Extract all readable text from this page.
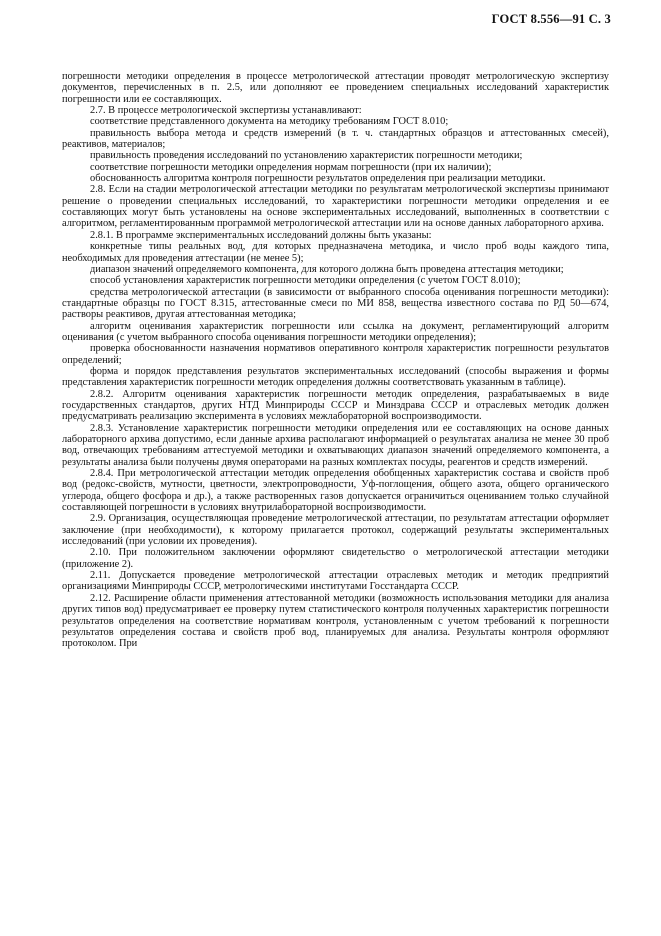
ГОСТ 8.556—91 С. 3

погрешности методики определения в процессе метрологической аттестации проводят метрологическую экспертизу документов, перечисленных в п. 2.5, или дополняют ее проведением специальных исследований характеристик погрешности или ее составляющих.

2.7. В процессе метрологической экспертизы устанавливают:

соответствие представленного документа на методику требованиям ГОСТ 8.010;

правильность выбора метода и средств измерений (в т. ч. стандартных образцов и аттестованных смесей), реактивов, материалов;

правильность проведения исследований по установлению характеристик погрешности методики;

соответствие погрешности методики определения нормам погрешности (при их наличии);

обоснованность алгоритма контроля погрешности результатов определения при реализации методики.

2.8. Если на стадии метрологической аттестации методики по результатам метрологической экспертизы принимают решение о проведении специальных исследований, то характеристики погрешности методики определения и ее составляющих могут быть установлены на основе экспериментальных исследований, выполненных в соответствии с алгоритмом, регламентированным программой метрологической аттестации или на основе данных лабораторного архива.

2.8.1. В программе экспериментальных исследований должны быть указаны:

конкретные типы реальных вод, для которых предназначена методика, и число проб воды каждого типа, необходимых для проведения аттестации (не менее 5);

диапазон значений определяемого компонента, для которого должна быть проведена аттестация методики;

способ установления характеристик погрешности методики определения (с учетом ГОСТ 8.010);

средства метрологической аттестации (в зависимости от выбранного способа оценивания погрешности методики): стандартные образцы по ГОСТ 8.315, аттестованные смеси по МИ 858, вещества известного состава по РД 50—674, растворы реактивов, другая аттестованная методика;

алгоритм оценивания характеристик погрешности или ссылка на документ, регламентирующий алгоритм оценивания (с учетом выбранного способа оценивания погрешности методики определения);

проверка обоснованности назначения нормативов оперативного контроля характеристик погрешности результатов определений;

форма и порядок представления результатов экспериментальных исследований (способы выражения и формы представления характеристик погрешности методик определения должны соответствовать указанным в таблице).

2.8.2. Алгоритм оценивания характеристик погрешности методик определения, разрабатываемых в виде государственных стандартов, других НТД Минприроды СССР и Минздрава СССР и отраслевых методик должен предусматривать реализацию эксперимента в условиях межлабораторной воспроизводимости.

2.8.3. Установление характеристик погрешности методики определения или ее составляющих на основе данных лабораторного архива допустимо, если данные архива располагают информацией о результатах анализа не менее 30 проб вод, отвечающих требованиям аттестуемой методики и охватывающих диапазон значений определяемого компонента, а результаты анализа были получены двумя операторами на разных комплектах посуды, реагентов и средств измерений.

2.8.4. При метрологической аттестации методик определения обобщенных характеристик состава и свойств проб вод (редокс-свойств, мутности, цветности, электропроводности, Уф-поглощения, общего азота, общего органического углерода, общего фосфора и др.), а также растворенных газов допускается ограничиться оцениванием только случайной составляющей погрешности в условиях внутрилабораторной воспроизводимости.

2.9. Организация, осуществляющая проведение метрологической аттестации, по результатам аттестации оформляет заключение (при необходимости), к которому прилагается протокол, содержащий результаты экспериментальных исследований (при условии их проведения).

2.10. При положительном заключении оформляют свидетельство о метрологической аттестации методики (приложение 2).

2.11. Допускается проведение метрологической аттестации отраслевых методик и методик предприятий организациями Минприроды СССР, метрологическими институтами Госстандарта СССР.

2.12. Расширение области применения аттестованной методики (возможность использования методики для анализа других типов вод) предусматривает ее проверку путем статистического контроля полученных характеристик погрешности результатов определения на соответствие нормативам контроля, установленным с учетом требований к погрешности результатов определения состава и свойств проб вод, планируемых для анализа. Результаты контроля оформляют протоколом. При
